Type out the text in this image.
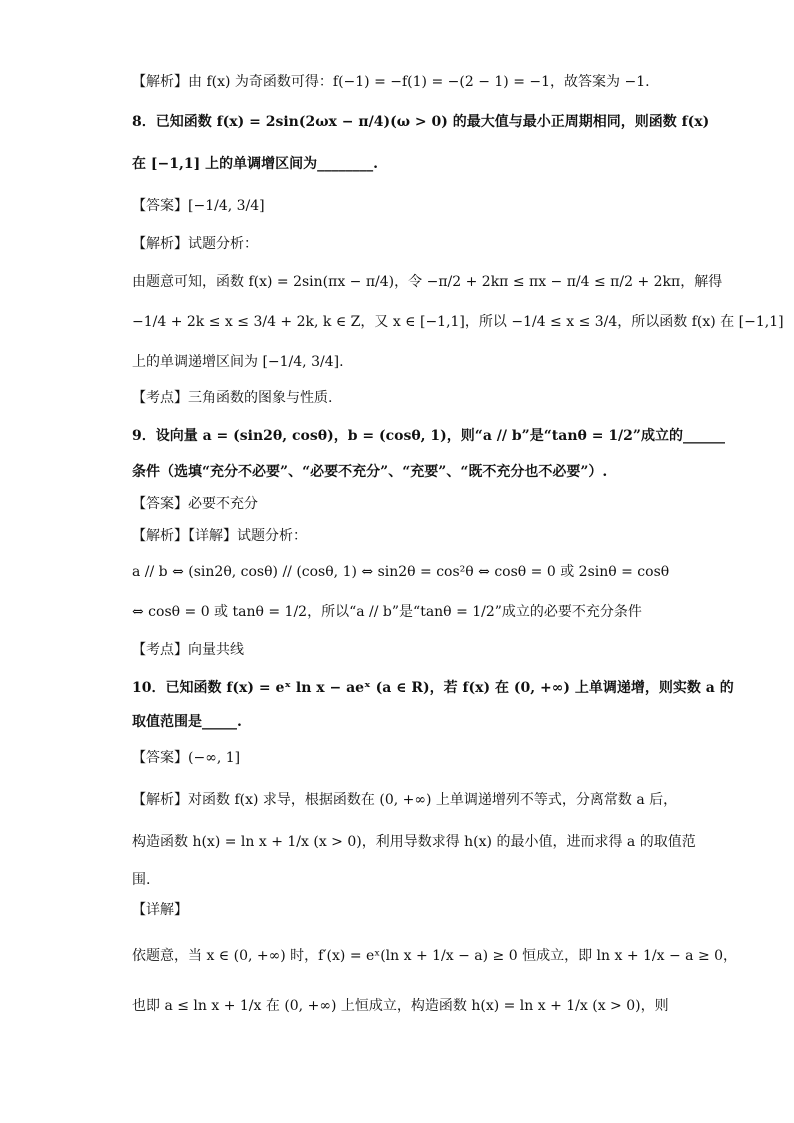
【解析】由 f(x) 为奇函数可得：f(−1) = −f(1) = −(2 − 1) = −1，故答案为 −1.
8．已知函数 f(x) = 2sin(2ωx − π/4)(ω > 0) 的最大值与最小正周期相同，则函数 f(x)
在 [−1,1] 上的单调增区间为________.
【答案】[−1/4, 3/4]
【解析】试题分析：
由题意可知，函数 f(x) = 2sin(πx − π/4)，令 −π/2 + 2kπ ≤ πx − π/4 ≤ π/2 + 2kπ，解得
−1/4 + 2k ≤ x ≤ 3/4 + 2k, k ∈ Z，又 x ∈ [−1,1]，所以 −1/4 ≤ x ≤ 3/4，所以函数 f(x) 在 [−1,1]
上的单调递增区间为 [−1/4, 3/4].
【考点】三角函数的图象与性质.
9．设向量 a = (sin2θ, cosθ)，b = (cosθ, 1)，则“a // b”是“tanθ = 1/2”成立的______
条件（选填“充分不必要”、“必要不充分”、“充要”、“既不充分也不必要”）.
【答案】必要不充分
【解析】【详解】试题分析：
a // b ⇔ (sin2θ, cosθ) // (cosθ, 1) ⇔ sin2θ = cos²θ ⇔ cosθ = 0 或 2sinθ = cosθ
⇔ cosθ = 0 或 tanθ = 1/2，所以“a // b”是“tanθ = 1/2”成立的必要不充分条件
【考点】向量共线
10．已知函数 f(x) = eˣ ln x − aeˣ (a ∈ R)，若 f(x) 在 (0, +∞) 上单调递增，则实数 a 的
取值范围是_____.
【答案】(−∞, 1]
【解析】对函数 f(x) 求导，根据函数在 (0, +∞) 上单调递增列不等式，分离常数 a 后，
构造函数 h(x) = ln x + 1/x (x > 0)，利用导数求得 h(x) 的最小值，进而求得 a 的取值范
围.
【详解】
依题意，当 x ∈ (0, +∞) 时，f′(x) = eˣ(ln x + 1/x − a) ≥ 0 恒成立，即 ln x + 1/x − a ≥ 0，
也即 a ≤ ln x + 1/x 在 (0, +∞) 上恒成立，构造函数 h(x) = ln x + 1/x (x > 0)，则
